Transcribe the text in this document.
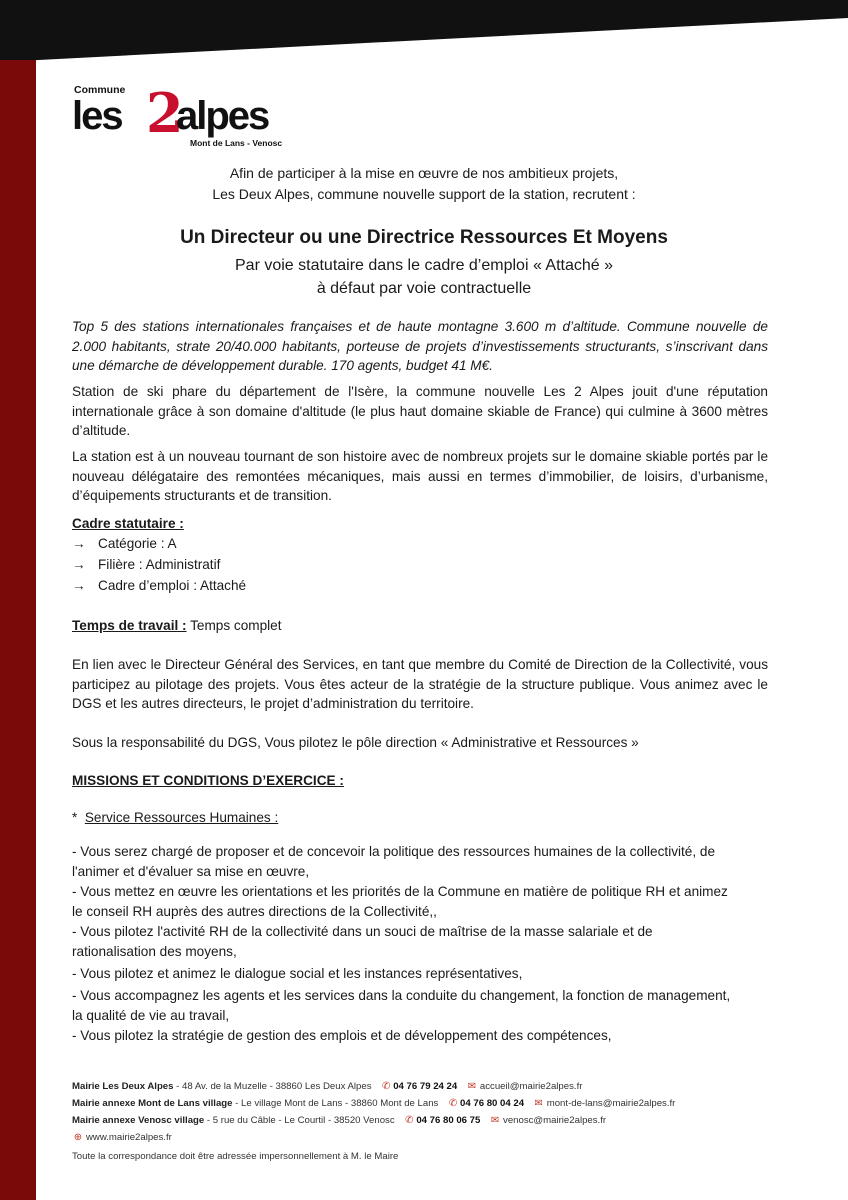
Commune
les 2
alpes
Mont de Lans - Venosc
Afin de participer à la mise en œuvre de nos ambitieux projets,
Les Deux Alpes, commune nouvelle support de la station, recrutent :
Un Directeur ou une Directrice Ressources Et Moyens
Par voie statutaire dans le cadre d’emploi « Attaché »
à défaut par voie contractuelle
Top 5 des stations internationales françaises et de haute montagne 3.600 m d’altitude. Commune nouvelle de 2.000 habitants, strate 20/40.000 habitants, porteuse de projets d’investissements structurants, s’inscrivant dans une démarche de développement durable. 170 agents, budget 41 M€.
Station de ski phare du département de l'Isère, la commune nouvelle Les 2 Alpes jouit d'une réputation internationale grâce à son domaine d'altitude (le plus haut domaine skiable de France) qui culmine à 3600 mètres d’altitude.
La station est à un nouveau tournant de son histoire avec de nombreux projets sur le domaine skiable portés par le nouveau délégataire des remontées mécaniques, mais aussi en termes d’immobilier, de loisirs, d’urbanisme, d’équipements structurants et de transition.
Cadre statutaire :
→ Catégorie : A
→ Filière : Administratif
→ Cadre d’emploi : Attaché
Temps de travail : Temps complet
En lien avec le Directeur Général des Services, en tant que membre du Comité de Direction de la Collectivité, vous participez au pilotage des projets. Vous êtes acteur de la stratégie de la structure publique. Vous animez avec le DGS et les autres directeurs, le projet d’administration du territoire.
Sous la responsabilité du DGS, Vous pilotez le pôle direction « Administrative et Ressources »
MISSIONS ET CONDITIONS D’EXERCICE :
* Service Ressources Humaines :
- Vous serez chargé de proposer et de concevoir la politique des ressources humaines de la collectivité, de
l'animer et d'évaluer sa mise en œuvre,
- Vous mettez en œuvre les orientations et les priorités de la Commune en matière de politique RH et animez
le conseil RH auprès des autres directions de la Collectivité,,
- Vous pilotez l'activité RH de la collectivité dans un souci de maîtrise de la masse salariale et de
rationalisation des moyens,
- Vous pilotez et animez le dialogue social et les instances représentatives,
- Vous accompagnez les agents et les services dans la conduite du changement, la fonction de management,
la qualité de vie au travail,
- Vous pilotez la stratégie de gestion des emplois et de développement des compétences,
Mairie Les Deux Alpes - 48 Av. de la Muzelle - 38860 Les Deux Alpes ✆ 04 76 79 24 24 ✉ accueil@mairie2alpes.fr
Mairie annexe Mont de Lans village - Le village Mont de Lans - 38860 Mont de Lans ✆ 04 76 80 04 24 ✉ mont-de-lans@mairie2alpes.fr
Mairie annexe Venosc village - 5 rue du Câble - Le Courtil - 38520 Venosc ✆ 04 76 80 06 75 ✉ venosc@mairie2alpes.fr
⊕ www.mairie2alpes.fr
Toute la correspondance doit être adressée impersonnellement à M. le Maire
